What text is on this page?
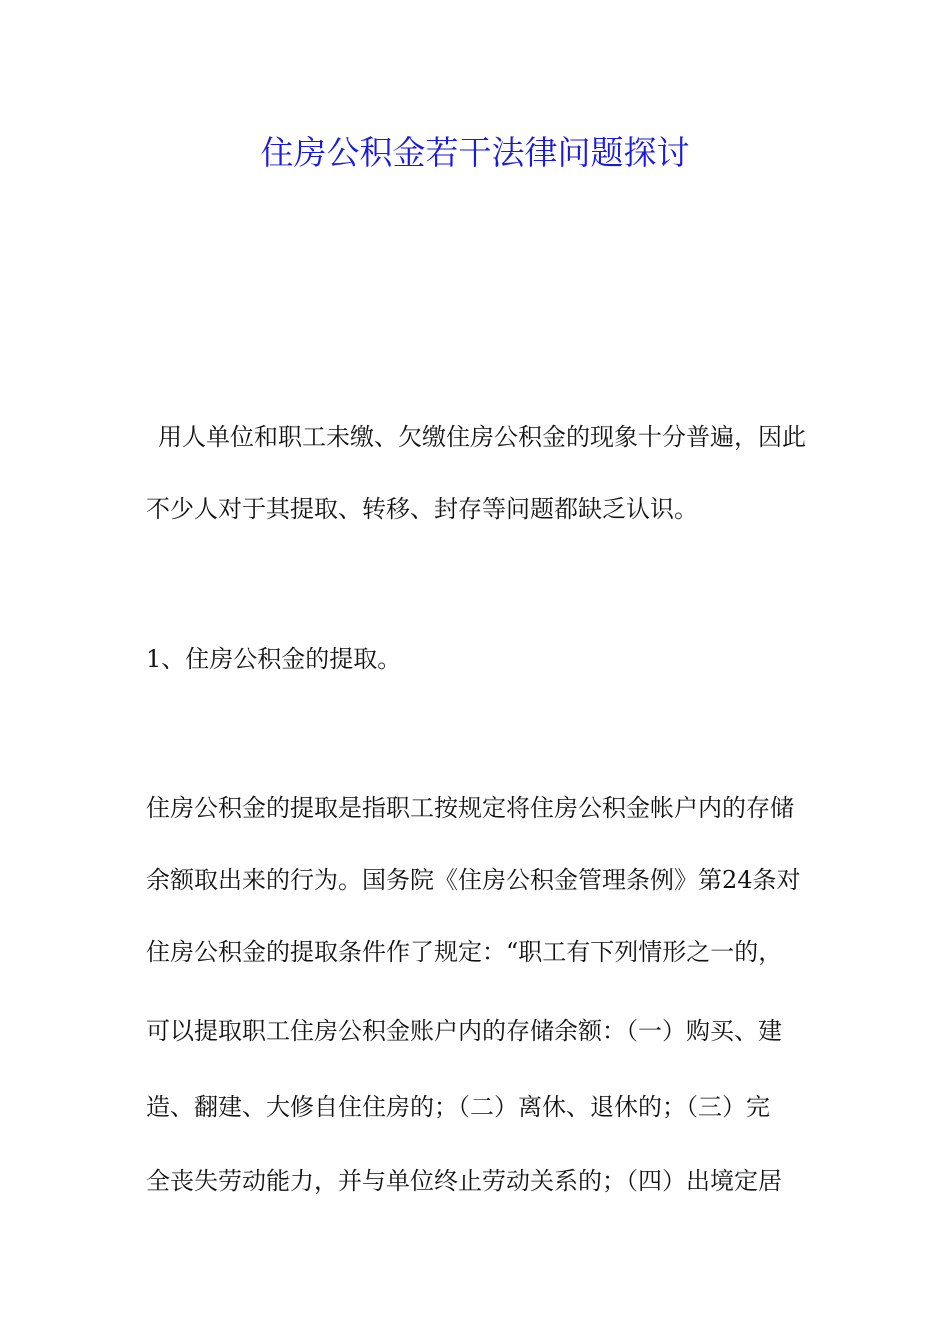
住房公积金若干法律问题探讨
用人单位和职工未缴、欠缴住房公积金的现象十分普遍，因此
不少人对于其提取、转移、封存等问题都缺乏认识。
1、住房公积金的提取。
住房公积金的提取是指职工按规定将住房公积金帐户内的存储
余额取出来的行为。国务院《住房公积金管理条例》第24条对
住房公积金的提取条件作了规定：“职工有下列情形之一的，
可以提取职工住房公积金账户内的存储余额：（一）购买、建
造、翻建、大修自住住房的；（二）离休、退休的；（三）完
全丧失劳动能力，并与单位终止劳动关系的；（四）出境定居
